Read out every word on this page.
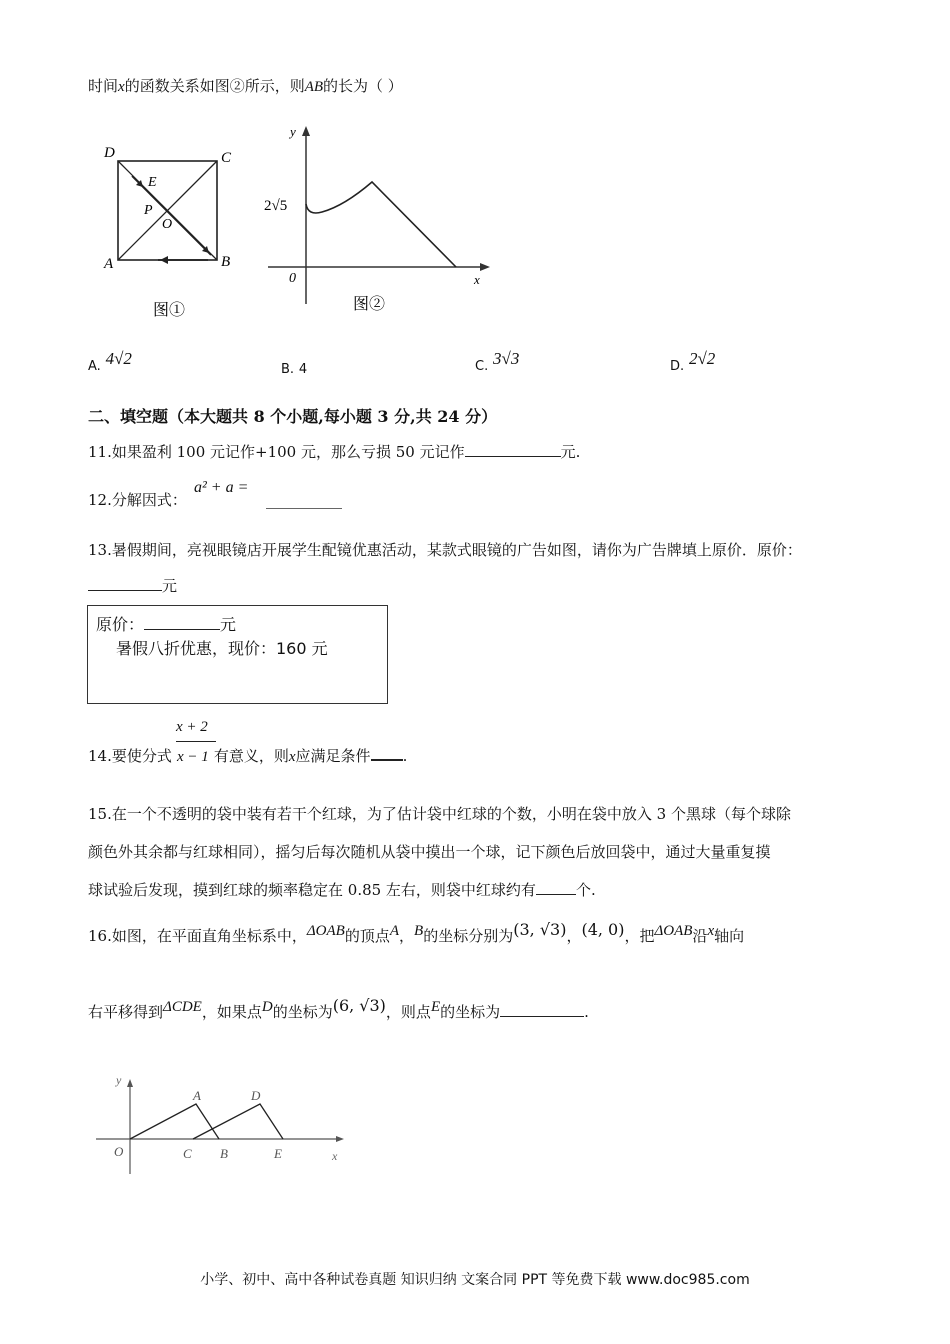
时间x的函数关系如图②所示，则AB的长为（ ）
D	C
A	B
E
P
O
图①
y
x
0
2√5
图②
A. 4√2
B. 4	C. 3√3	D. 2√2
二、填空题（本大题共 8 个小题,每小题 3 分,共 24 分）
11.如果盈利 100 元记作+100 元，那么亏损 50 元记作	元.
12.分解因式：
a² + a =
13.暑假期间，亮视眼镜店开展学生配镜优惠活动，某款式眼镜的广告如图，请你为广告牌填上原价．原价：
元
原价：	元
暑假八折优惠，现价：160 元
x + 2
14.要使分式 x − 1 有意义，则x应满足条件 .
15.在一个不透明的袋中装有若干个红球，为了估计袋中红球的个数，小明在袋中放入 3 个黑球（每个球除
颜色外其余都与红球相同），摇匀后每次随机从袋中摸出一个球，记下颜色后放回袋中，通过大量重复摸
球试验后发现，摸到红球的频率稳定在 0.85 左右，则袋中红球约有	个.
16.如图，在平面直角坐标系中，ΔOAB的顶点A，B的坐标分别为(3, √3)，(4, 0)，把ΔOAB沿x轴向
右平移得到ΔCDE，如果点D的坐标为(6, √3)，则点E的坐标为	.
y
x
O
A
C B
D
E
小学、初中、高中各种试卷真题 知识归纳 文案合同 PPT 等免费下载 www.doc985.com
